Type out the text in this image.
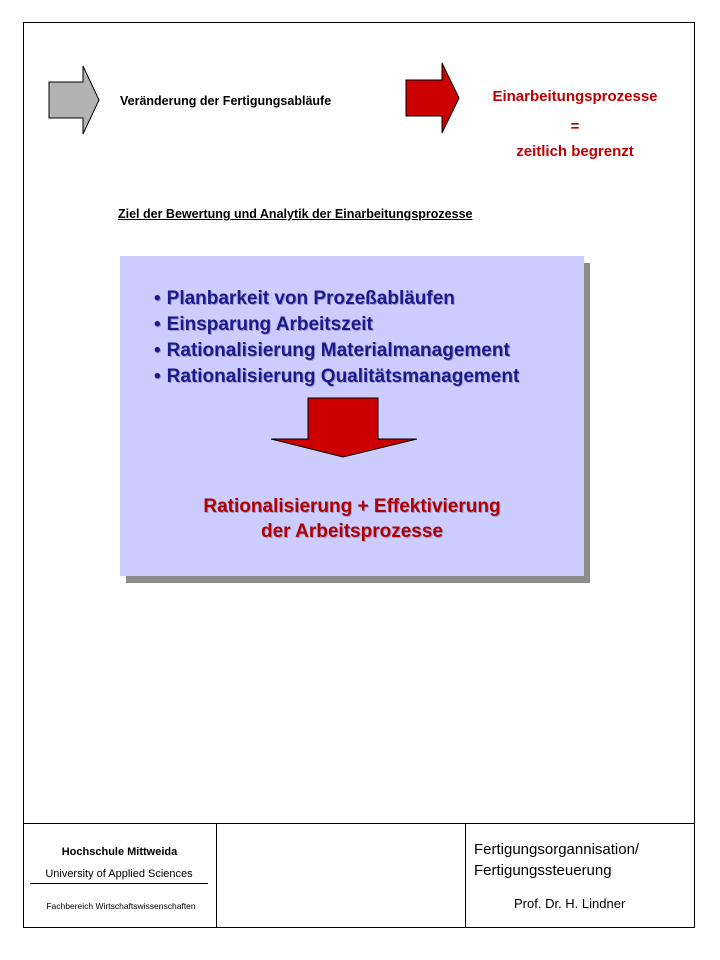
Veränderung der Fertigungsabläufe	Einarbeitungsprozesse
=
zeitlich begrenzt
Ziel der Bewertung und Analytik der Einarbeitungsprozesse
• Planbarkeit von Prozeßabläufen
• Einsparung Arbeitszeit
• Rationalisierung Materialmanagement
• Rationalisierung Qualitätsmanagement
Rationalisierung + Effektivierung
der Arbeitsprozesse
Hochschule Mittweida
University of Applied Sciences
Fachbereich Wirtschaftswissenschaften
Fertigungsorgannisation/
Fertigungssteuerung
Prof. Dr. H. Lindner
